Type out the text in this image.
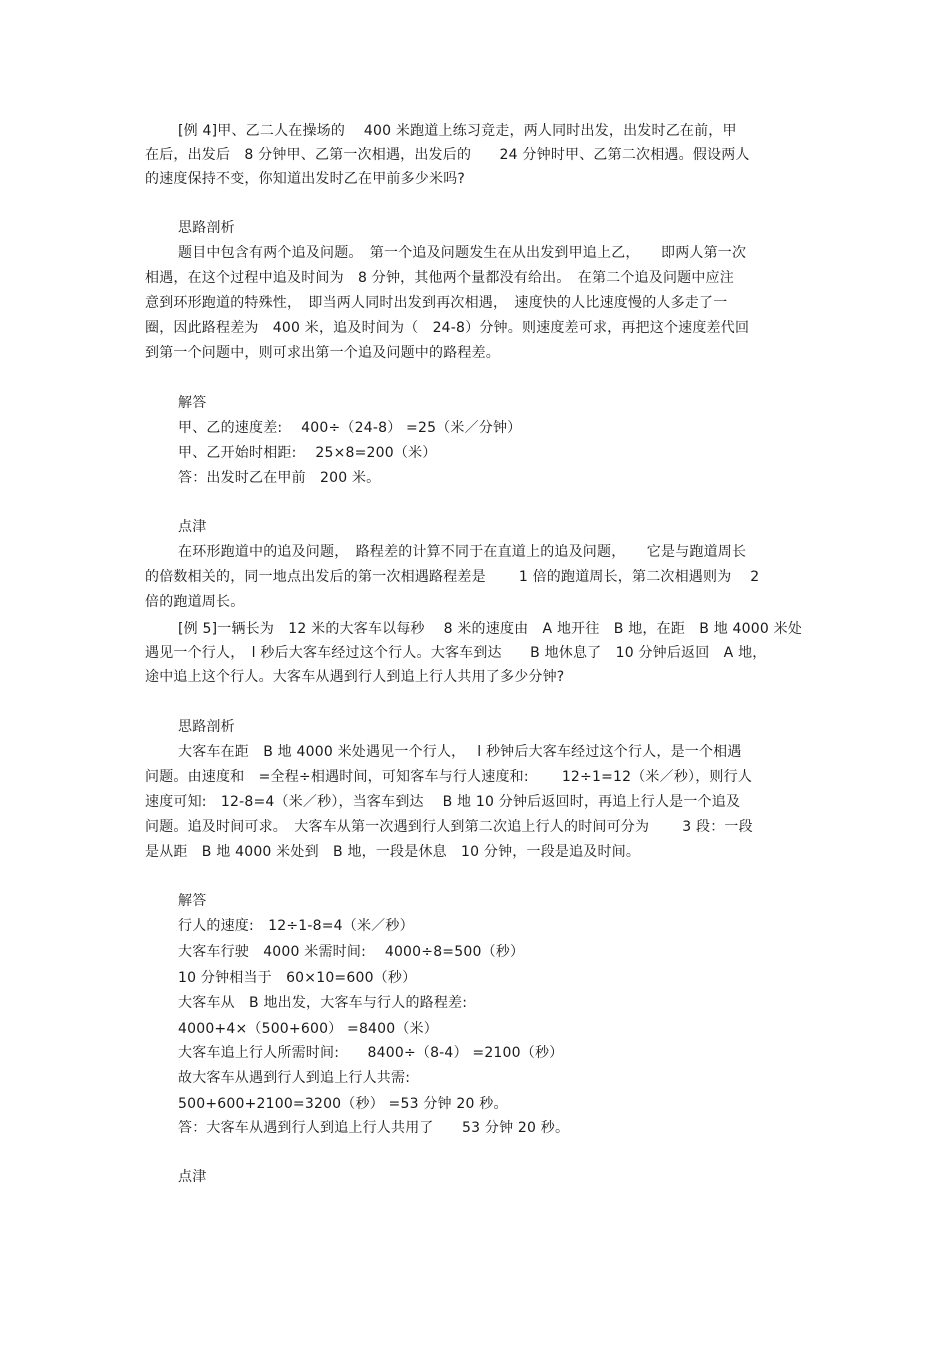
[例 4]甲、乙二人在操场的　 400 米跑道上练习竞走，两人同时出发，出发时乙在前，甲
在后，出发后　8 分钟甲、乙第一次相遇，出发后的　　24 分钟时甲、乙第二次相遇。假设两人
的速度保持不变，你知道出发时乙在甲前多少米吗?
思路剖析
题目中包含有两个追及问题。　第一个追及问题发生在从出发到甲追上乙，　　即两人第一次
相遇，在这个过程中追及时间为　8 分钟，其他两个量都没有给出。　在第二个追及问题中应注
意到环形跑道的特殊性，　即当两人同时出发到再次相遇，　速度快的人比速度慢的人多走了一
圈，因此路程差为　400 米，追及时间为（　24-8）分钟。则速度差可求，再把这个速度差代回
到第一个问题中，则可求出第一个追及问题中的路程差。
解答
甲、乙的速度差:　 400÷（24-8） =25（米／分钟）
甲、乙开始时相距:　 25×8=200（米）
答：出发时乙在甲前　200 米。
点津
在环形跑道中的追及问题，　路程差的计算不同于在直道上的追及问题，　　它是与跑道周长
的倍数相关的，同一地点出发后的第一次相遇路程差是　　 1 倍的跑道周长，第二次相遇则为　 2
倍的跑道周长。
[例 5]一辆长为　12 米的大客车以每秒　 8 米的速度由　A 地开往　B 地，在距　B 地 4000 米处
遇见一个行人，　l 秒后大客车经过这个行人。大客车到达　　B 地休息了　10 分钟后返回　A 地，
途中追上这个行人。大客车从遇到行人到追上行人共用了多少分钟?
思路剖析
大客车在距　B 地 4000 米处遇见一个行人，　 l 秒钟后大客车经过这个行人，是一个相遇
问题。由速度和　=全程÷相遇时间，可知客车与行人速度和:　　 12÷1=12（米／秒），则行人
速度可知:　12-8=4（米／秒），当客车到达　 B 地 10 分钟后返回时，再追上行人是一个追及
问题。追及时间可求。　大客车从第一次遇到行人到第二次追上行人的时间可分为　　 3 段：一段
是从距　B 地 4000 米处到　B 地，一段是休息　10 分钟，一段是追及时间。
解答
行人的速度:　12÷1-8=4（米／秒）
大客车行驶　4000 米需时间:　 4000÷8=500（秒）
10 分钟相当于　60×10=600（秒）
大客车从　B 地出发，大客车与行人的路程差:
4000+4×（500+600） =8400（米）
大客车追上行人所需时间:　　8400÷（8-4） =2100（秒）
故大客车从遇到行人到追上行人共需:
500+600+2100=3200（秒） =53 分钟 20 秒。
答：大客车从遇到行人到追上行人共用了　　53 分钟 20 秒。
点津
